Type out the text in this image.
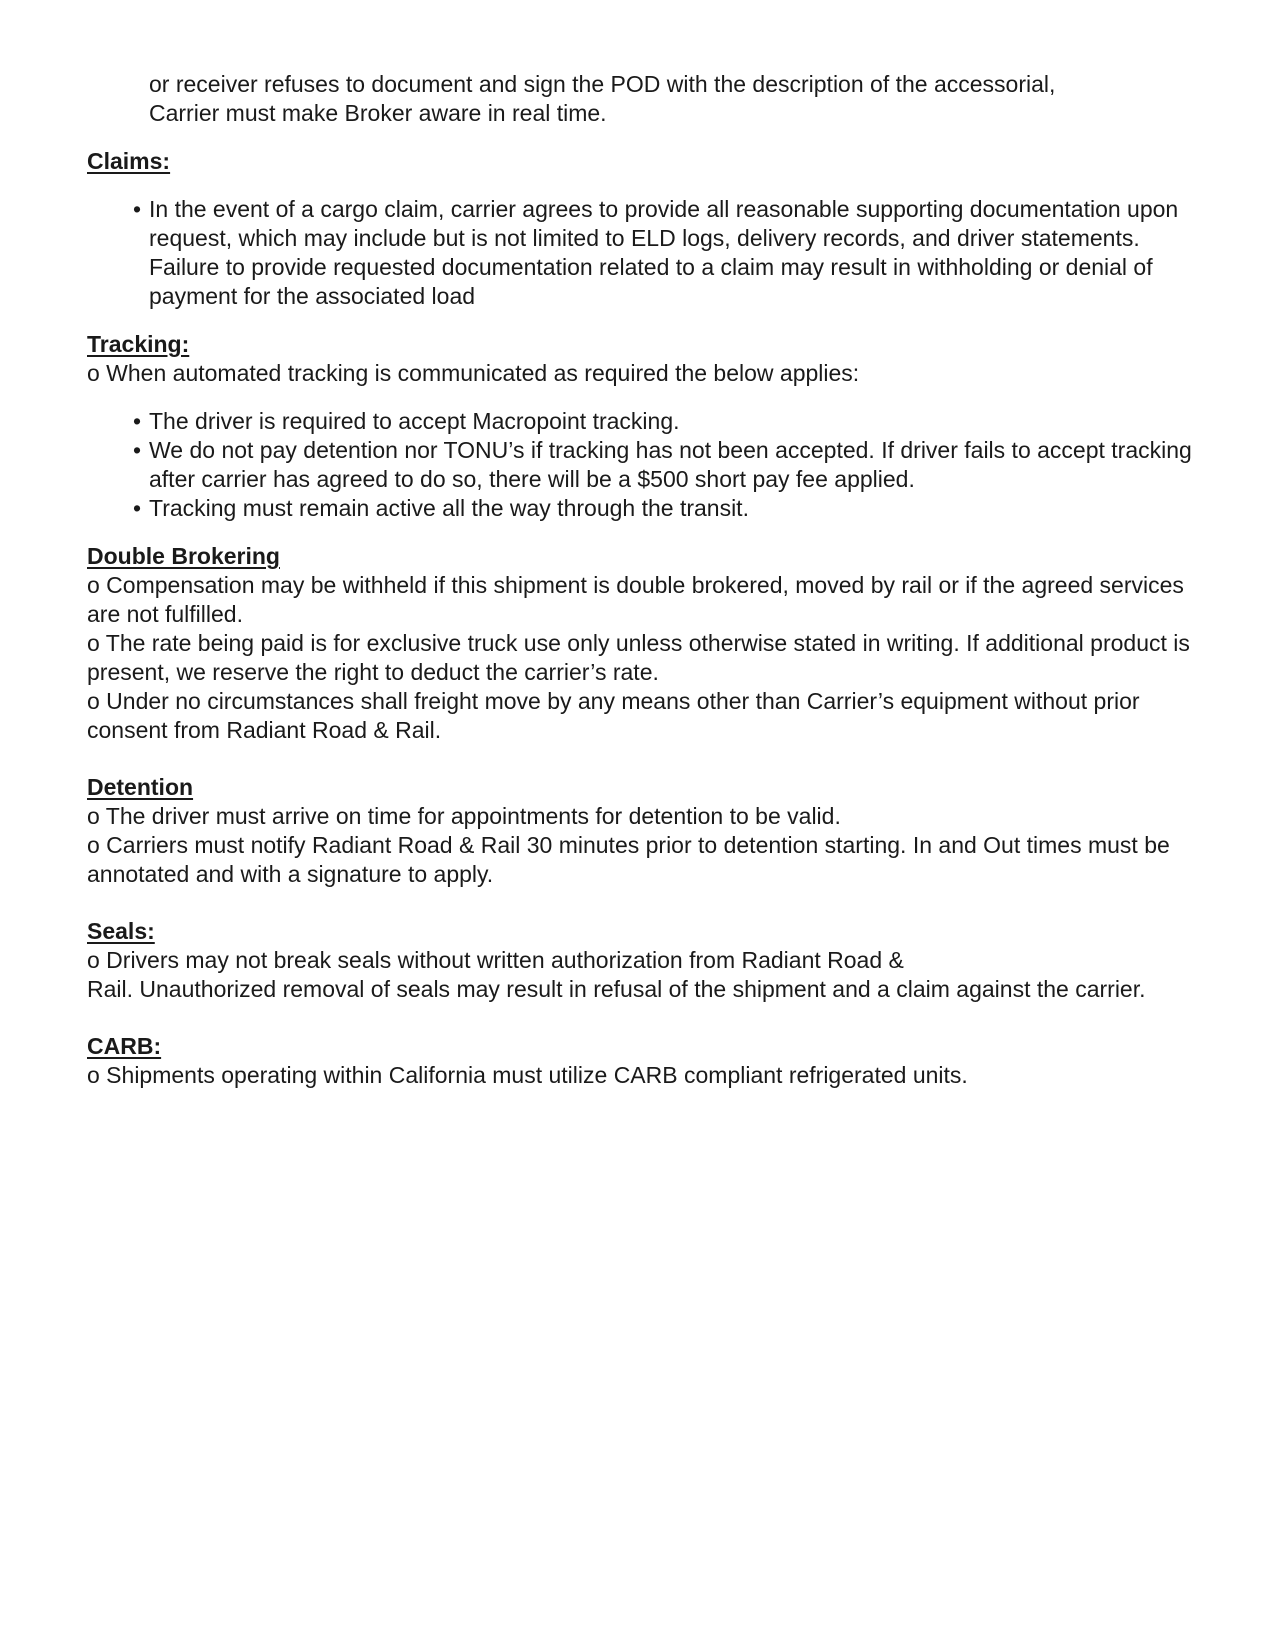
or receiver refuses to document and sign the POD with the description of the accessorial,

Carrier must make Broker aware in real time.

Claims:

• In the event of a cargo claim, carrier agrees to provide all reasonable supporting documentation upon request, which may include but is not limited to ELD logs, delivery records, and driver statements. Failure to provide requested documentation related to a claim may result in withholding or denial of payment for the associated load

Tracking:

o When automated tracking is communicated as required the below applies:

• The driver is required to accept Macropoint tracking.
• We do not pay detention nor TONU’s if tracking has not been accepted. If driver fails to accept tracking after carrier has agreed to do so, there will be a $500 short pay fee applied.
• Tracking must remain active all the way through the transit.

Double Brokering

o Compensation may be withheld if this shipment is double brokered, moved by rail or if the agreed services are not fulfilled.

o The rate being paid is for exclusive truck use only unless otherwise stated in writing. If additional product is present, we reserve the right to deduct the carrier’s rate.

o Under no circumstances shall freight move by any means other than Carrier’s equipment without prior consent from Radiant Road & Rail.

Detention

o The driver must arrive on time for appointments for detention to be valid.

o Carriers must notify Radiant Road & Rail 30 minutes prior to detention starting. In and Out times must be annotated and with a signature to apply.

Seals:

o Drivers may not break seals without written authorization from Radiant Road &

Rail. Unauthorized removal of seals may result in refusal of the shipment and a claim against the carrier.

CARB:

o Shipments operating within California must utilize CARB compliant refrigerated units.
